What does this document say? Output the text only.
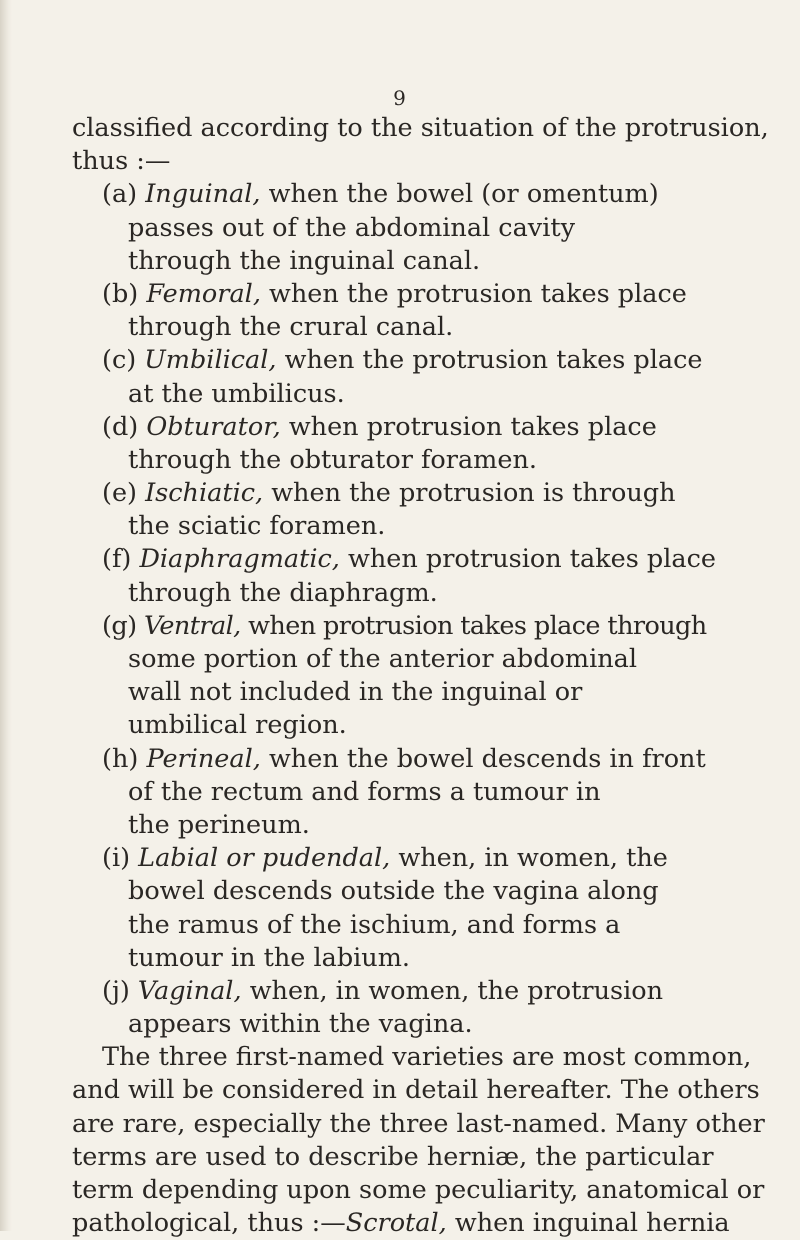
9
classified according to the situation of the protrusion,
thus :—
(a) Inguinal, when the bowel (or omentum)
passes out of the abdominal cavity
through the inguinal canal.
(b) Femoral, when the protrusion takes place
through the crural canal.
(c) Umbilical, when the protrusion takes place
at the umbilicus.
(d) Obturator, when protrusion takes place
through the obturator foramen.
(e) Ischiatic, when the protrusion is through
the sciatic foramen.
(f) Diaphragmatic, when protrusion takes place
through the diaphragm.
(g) Ventral, when protrusion takes place through
some portion of the anterior abdominal
wall not included in the inguinal or
umbilical region.
(h) Perineal, when the bowel descends in front
of the rectum and forms a tumour in
the perineum.
(i) Labial or pudendal, when, in women, the
bowel descends outside the vagina along
the ramus of the ischium, and forms a
tumour in the labium.
(j) Vaginal, when, in women, the protrusion
appears within the vagina.
The three first-named varieties are most common,
and will be considered in detail hereafter. The others
are rare, especially the three last-named. Many other
terms are used to describe herniæ, the particular
term depending upon some peculiarity, anatomical or
pathological, thus :—Scrotal, when inguinal hernia
